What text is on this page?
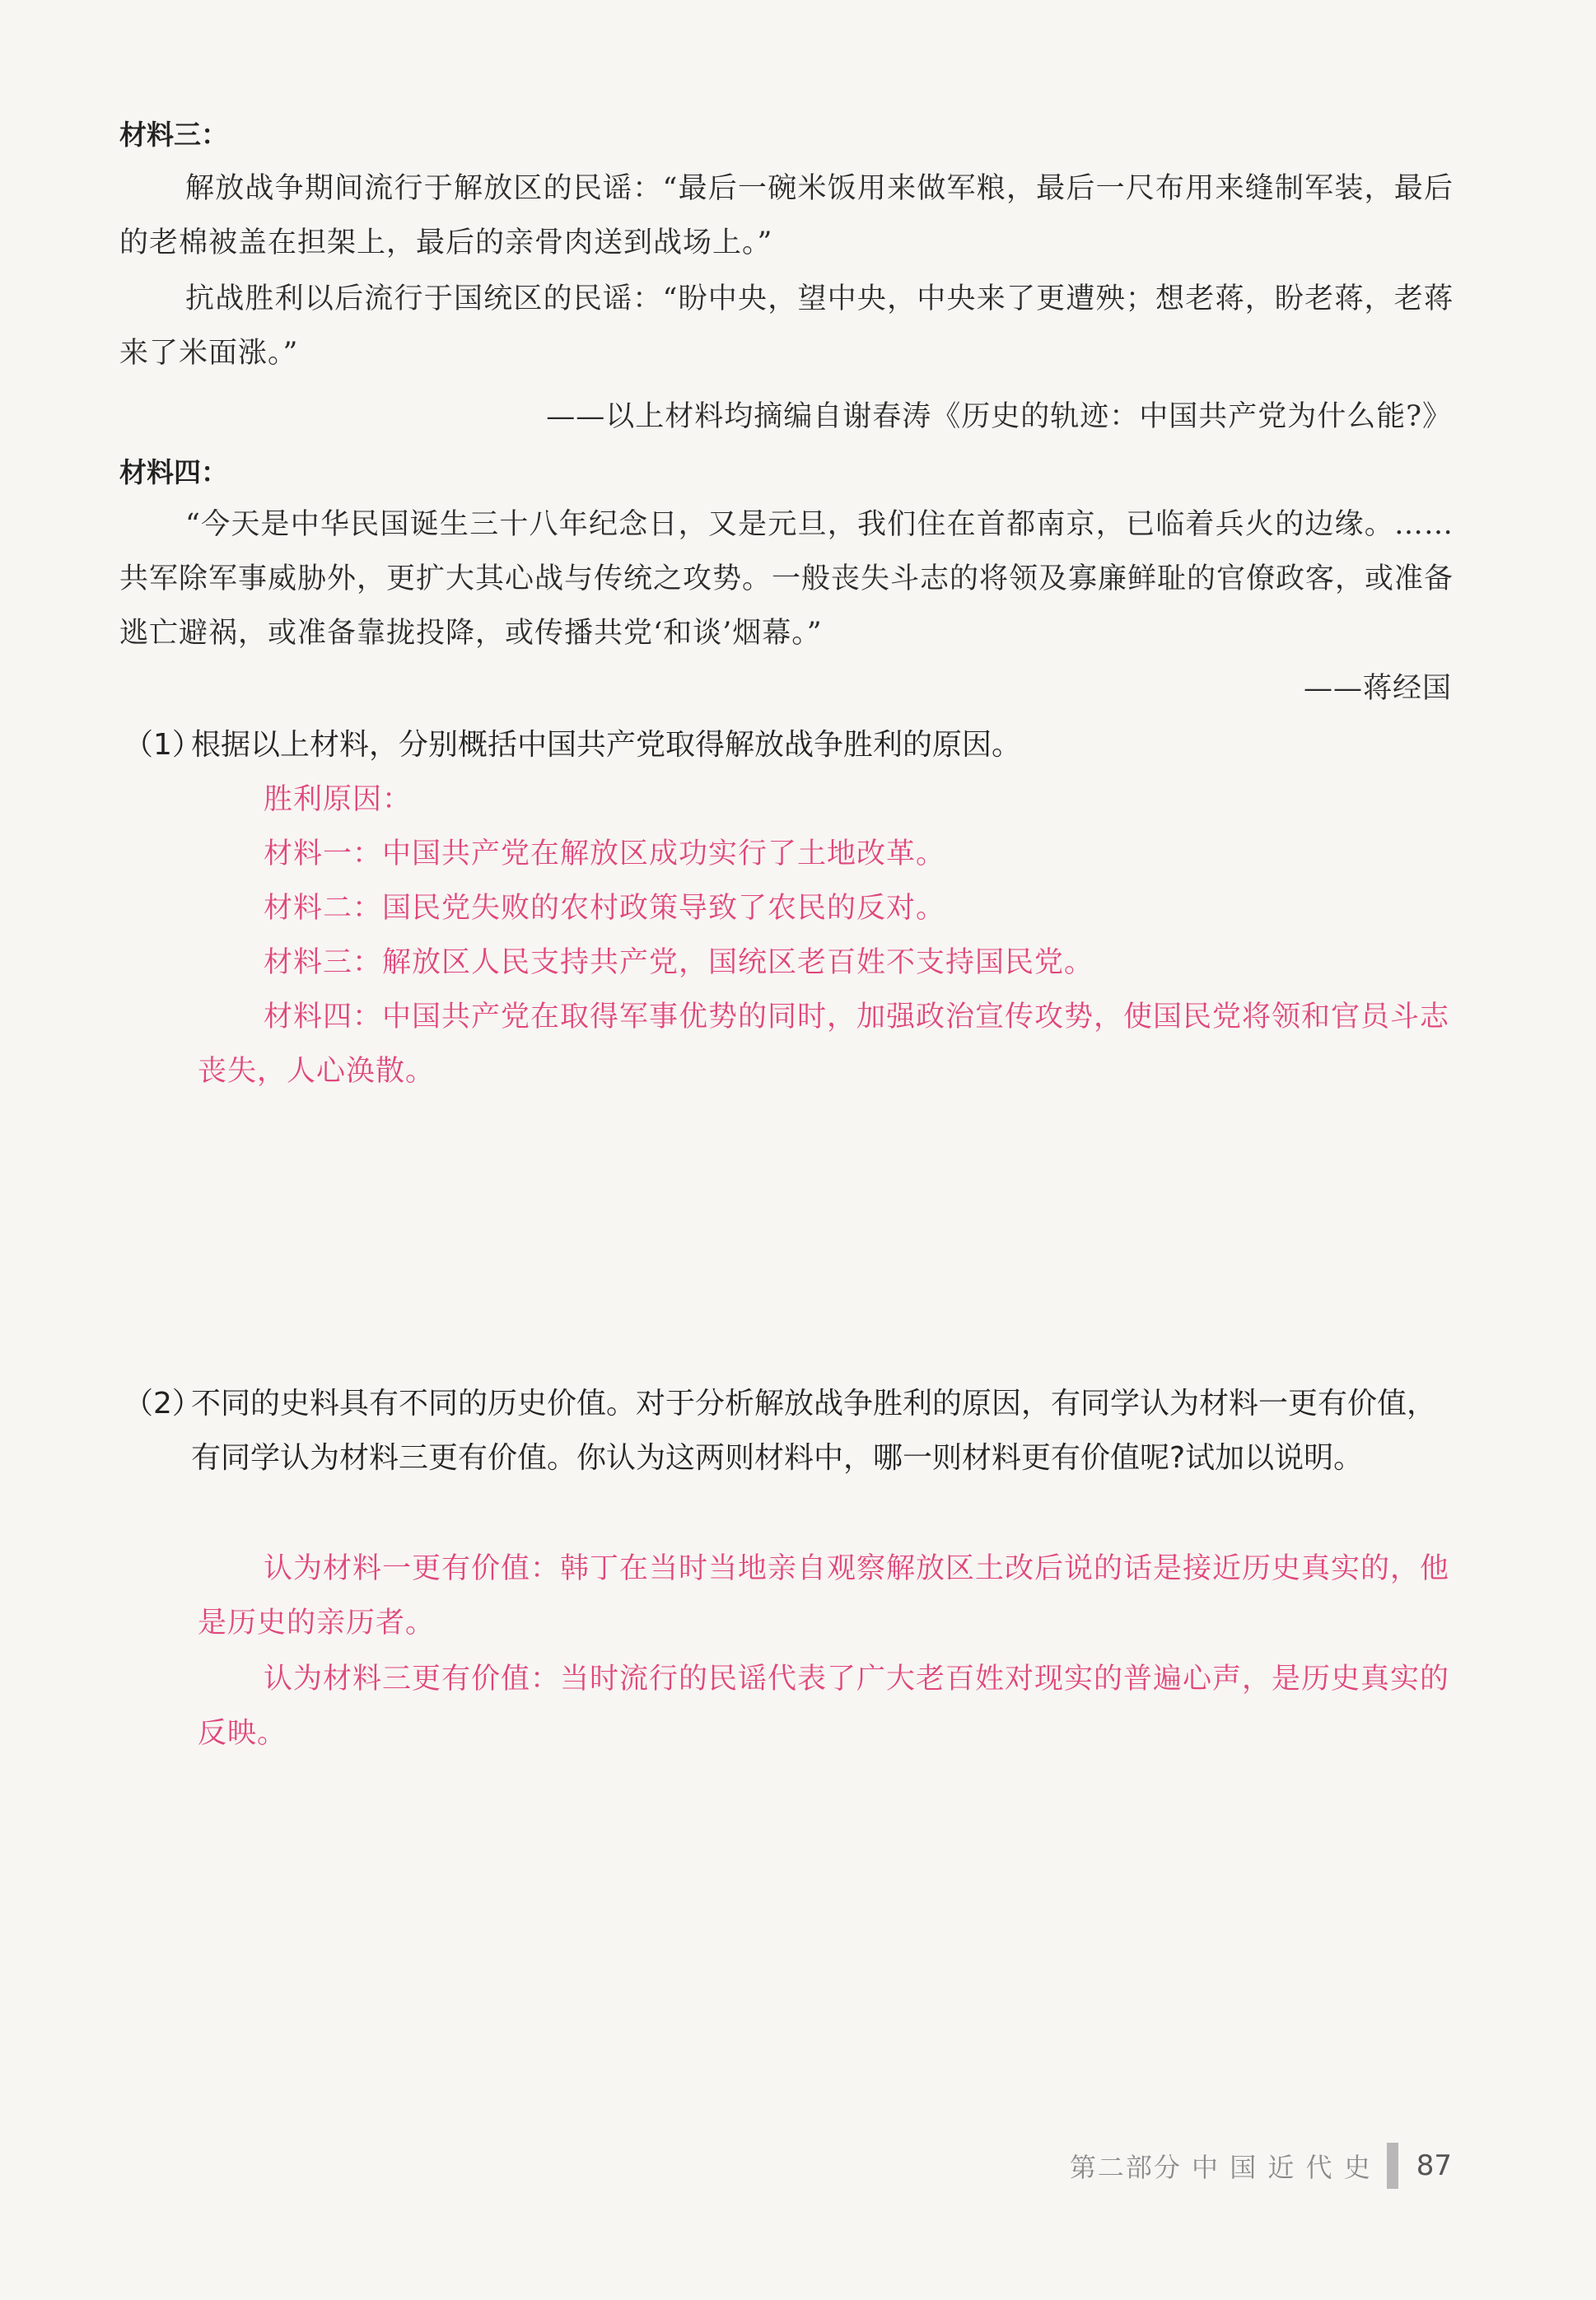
材料三：
解放战争期间流行于解放区的民谣：“最后一碗米饭用来做军粮，最后一尺布用来缝制军装，最后的老棉被盖在担架上，最后的亲骨肉送到战场上。”
抗战胜利以后流行于国统区的民谣：“盼中央，望中央，中央来了更遭殃；想老蒋，盼老蒋，老蒋来了米面涨。”
——以上材料均摘编自谢春涛《历史的轨迹：中国共产党为什么能?》
材料四：
“今天是中华民国诞生三十八年纪念日，又是元旦，我们住在首都南京，已临着兵火的边缘。……共军除军事威胁外，更扩大其心战与传统之攻势。一般丧失斗志的将领及寡廉鲜耻的官僚政客，或准备逃亡避祸，或准备靠拢投降，或传播共党‘和谈’烟幕。”
——蒋经国
（1）
根据以上材料，分别概括中国共产党取得解放战争胜利的原因。
胜利原因：
材料一：中国共产党在解放区成功实行了土地改革。
材料二：国民党失败的农村政策导致了农民的反对。
材料三：解放区人民支持共产党，国统区老百姓不支持国民党。
材料四：中国共产党在取得军事优势的同时，加强政治宣传攻势，使国民党将领和官员斗志丧失，人心涣散。
（2）
不同的史料具有不同的历史价值。对于分析解放战争胜利的原因，有同学认为材料一更有价值，有同学认为材料三更有价值。你认为这两则材料中，哪一则材料更有价值呢?试加以说明。
认为材料一更有价值：韩丁在当时当地亲自观察解放区土改后说的话是接近历史真实的，他是历史的亲历者。
认为材料三更有价值：当时流行的民谣代表了广大老百姓对现实的普遍心声，是历史真实的反映。
第二部分 中 国 近 代 史 87
